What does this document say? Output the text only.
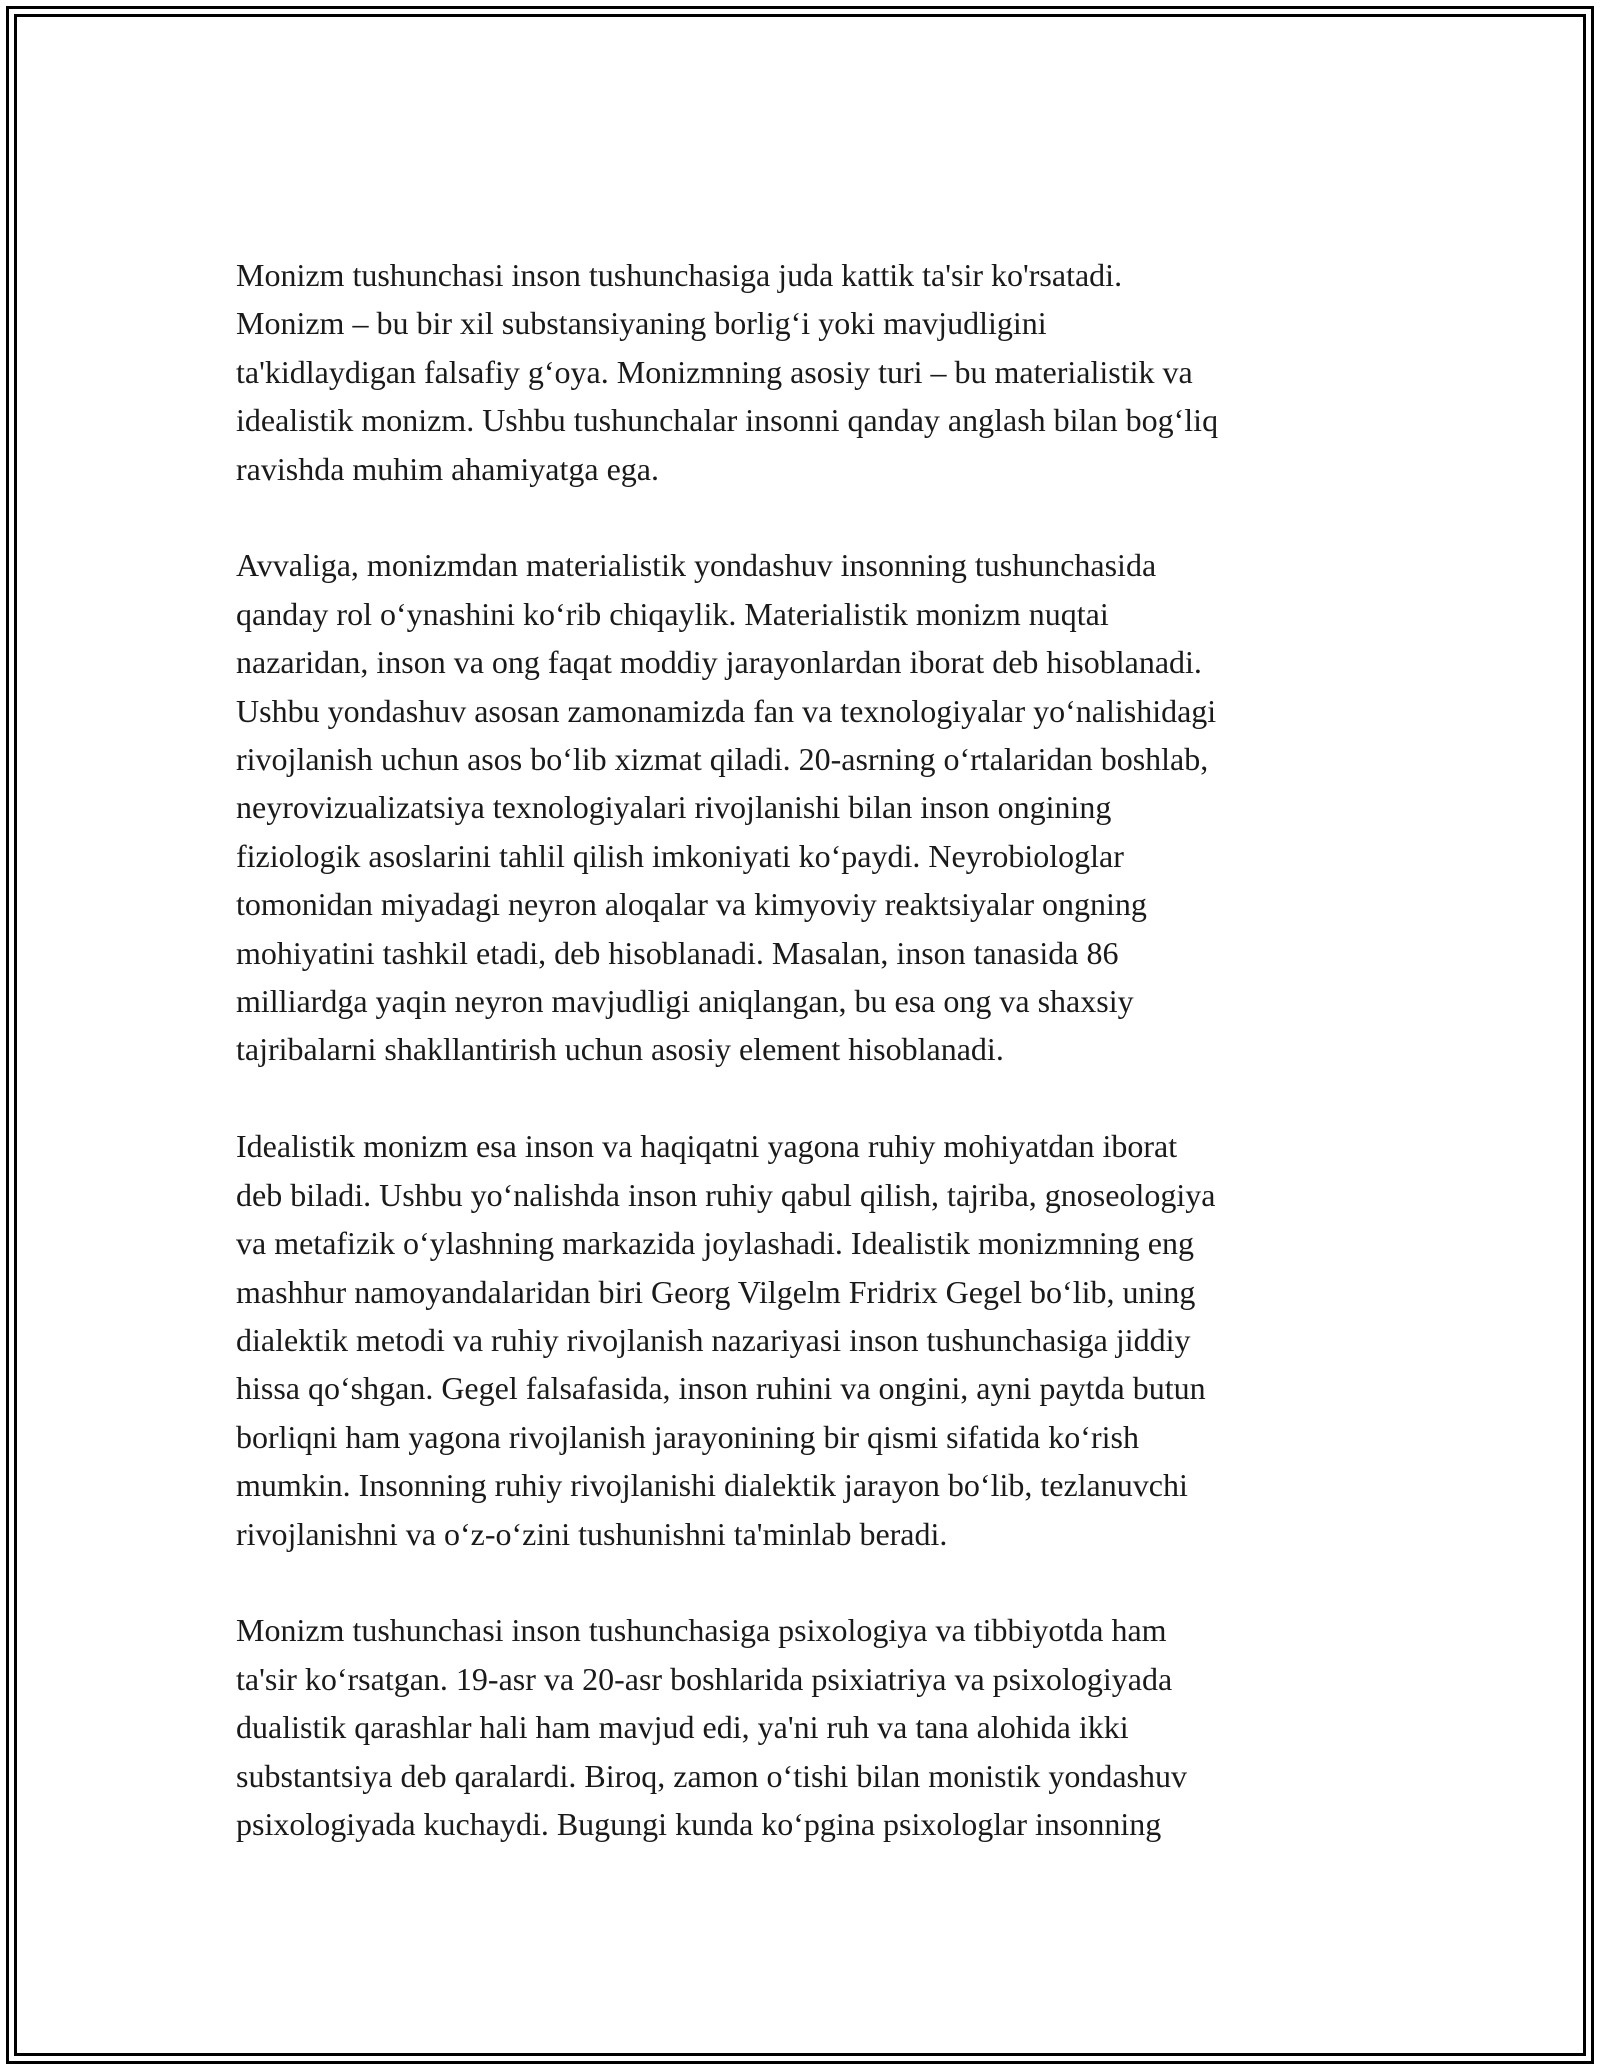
Monizm tushunchasi inson tushunchasiga juda kattik ta'sir ko'rsatadi.
Monizm – bu bir xil substansiyaning borlig‘i yoki mavjudligini
ta'kidlaydigan falsafiy g‘oya. Monizmning asosiy turi – bu materialistik va
idealistik monizm. Ushbu tushunchalar insonni qanday anglash bilan bog‘liq
ravishda muhim ahamiyatga ega.

Avvaliga, monizmdan materialistik yondashuv insonning tushunchasida
qanday rol o‘ynashini ko‘rib chiqaylik. Materialistik monizm nuqtai
nazaridan, inson va ong faqat moddiy jarayonlardan iborat deb hisoblanadi.
Ushbu yondashuv asosan zamonamizda fan va texnologiyalar yo‘nalishidagi
rivojlanish uchun asos bo‘lib xizmat qiladi. 20-asrning o‘rtalaridan boshlab,
neyrovizualizatsiya texnologiyalari rivojlanishi bilan inson ongining
fiziologik asoslarini tahlil qilish imkoniyati ko‘paydi. Neyrobiologlar
tomonidan miyadagi neyron aloqalar va kimyoviy reaktsiyalar ongning
mohiyatini tashkil etadi, deb hisoblanadi. Masalan, inson tanasida 86
milliardga yaqin neyron mavjudligi aniqlangan, bu esa ong va shaxsiy
tajribalarni shakllantirish uchun asosiy element hisoblanadi.

Idealistik monizm esa inson va haqiqatni yagona ruhiy mohiyatdan iborat
deb biladi. Ushbu yo‘nalishda inson ruhiy qabul qilish, tajriba, gnoseologiya
va metafizik o‘ylashning markazida joylashadi. Idealistik monizmning eng
mashhur namoyandalaridan biri Georg Vilgelm Fridrix Gegel bo‘lib, uning
dialektik metodi va ruhiy rivojlanish nazariyasi inson tushunchasiga jiddiy
hissa qo‘shgan. Gegel falsafasida, inson ruhini va ongini, ayni paytda butun
borliqni ham yagona rivojlanish jarayonining bir qismi sifatida ko‘rish
mumkin. Insonning ruhiy rivojlanishi dialektik jarayon bo‘lib, tezlanuvchi
rivojlanishni va o‘z-o‘zini tushunishni ta'minlab beradi.

Monizm tushunchasi inson tushunchasiga psixologiya va tibbiyotda ham
ta'sir ko‘rsatgan. 19-asr va 20-asr boshlarida psixiatriya va psixologiyada
dualistik qarashlar hali ham mavjud edi, ya'ni ruh va tana alohida ikki
substantsiya deb qaralardi. Biroq, zamon o‘tishi bilan monistik yondashuv
psixologiyada kuchaydi. Bugungi kunda ko‘pgina psixologlar insonning
